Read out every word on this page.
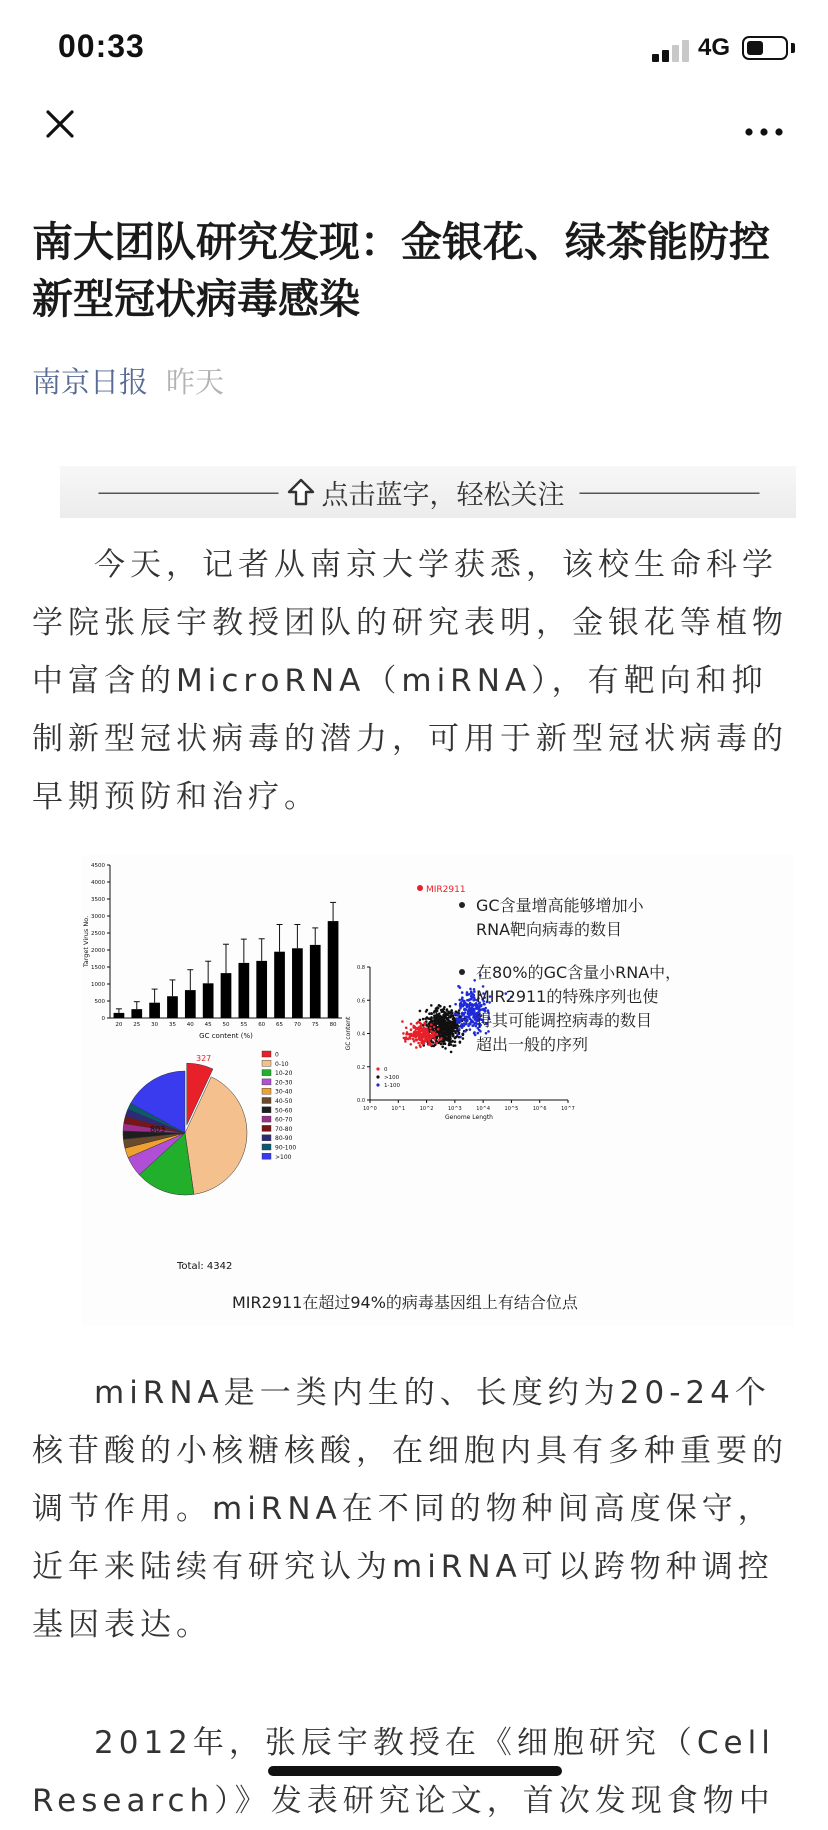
00:33	4G
南大团队研究发现：金银花、绿茶能防控新型冠状病毒感染
南京日报 昨天
—————————— 点击蓝字，轻松关注 ——————————

今天，记者从南京大学获悉，该校生命科学学院张辰宇教授团队的研究表明，金银花等植物中富含的MicroRNA（miRNA），有靶向和抑制新型冠状病毒的潜力，可用于新型冠状病毒的早期预防和治疗。

0
500
1000
1500
2000
2500
3000
3500
4000
4500
20 25 30 35 40 45 50 55 60 65 70 75 80
GC content (%)
Target Virus No.
0
0-10
10-20
20-30
30-40
40-50
50-60
60-70
70-80
80-90
90-100
>100
0.0
0.2
0.4
0.6
0.8
10^0	10^1	10^2	10^3	10^4	10^5	10^6	10^7
Genome Length
GC content
0
>100
1-100
MIR2911
GC含量增高能够增加小
RNA靶向病毒的数目
在80%的GC含量小RNA中，
MIR2911的特殊序列也使
得其可能调控病毒的数目
超出一般的序列
MIR2911在超过94%的病毒基因组上有结合位点
Total: 4342
327
803

miRNA是一类内生的、长度约为20-24个核苷酸的小核糖核酸，在细胞内具有多种重要的调节作用。miRNA在不同的物种间高度保守，近年来陆续有研究认为miRNA可以跨物种调控基因表达。

2012年，张辰宇教授在《细胞研究（Cell Research）》发表研究论文，首次发现食物中
